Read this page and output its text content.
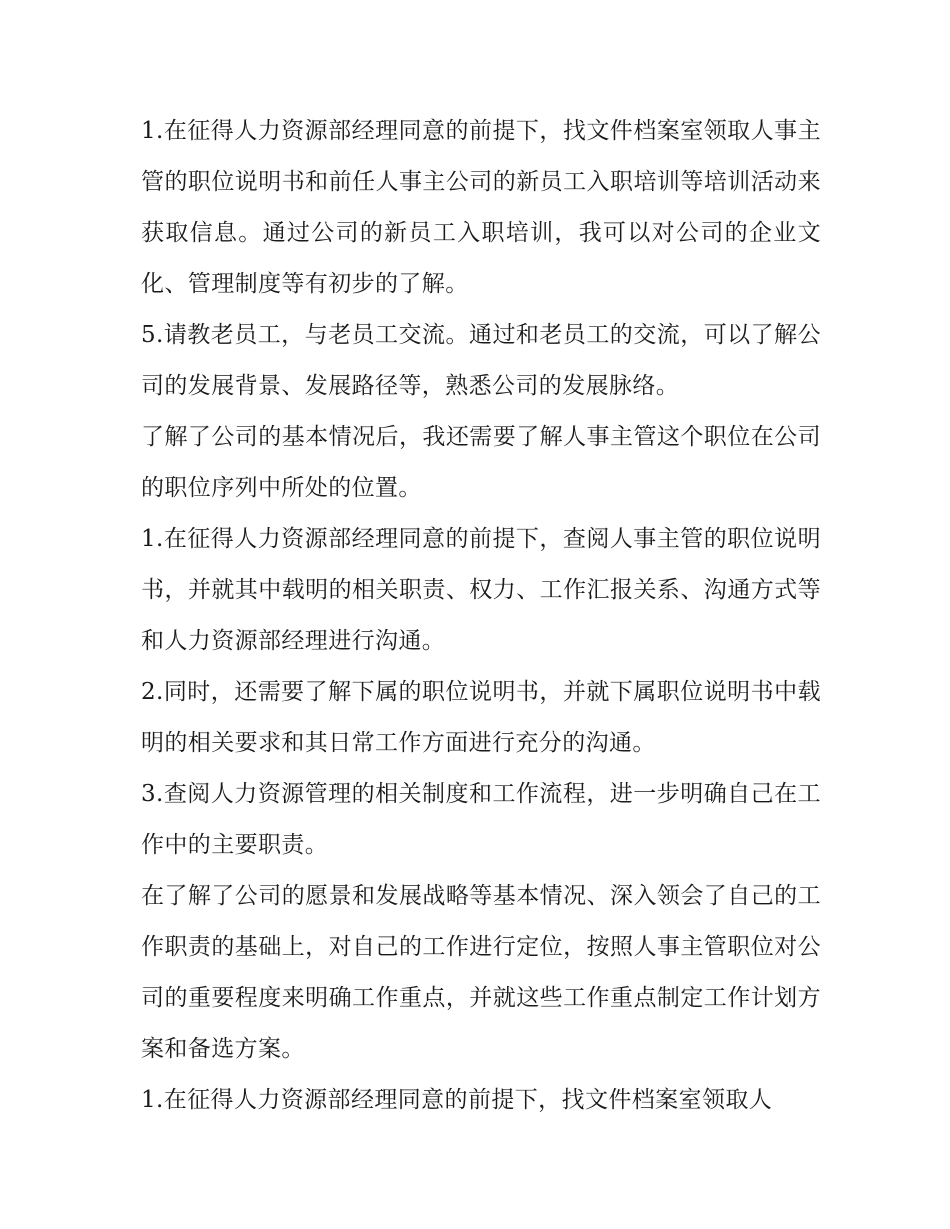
1.在征得人力资源部经理同意的前提下，找文件档案室领取人事主管的职位说明书和前任人事主公司的新员工入职培训等培训活动来获取信息。通过公司的新员工入职培训，我可以对公司的企业文化、管理制度等有初步的了解。

5.请教老员工，与老员工交流。通过和老员工的交流，可以了解公司的发展背景、发展路径等，熟悉公司的发展脉络。

了解了公司的基本情况后，我还需要了解人事主管这个职位在公司的职位序列中所处的位置。

1.在征得人力资源部经理同意的前提下，查阅人事主管的职位说明书，并就其中载明的相关职责、权力、工作汇报关系、沟通方式等和人力资源部经理进行沟通。

2.同时，还需要了解下属的职位说明书，并就下属职位说明书中载明的相关要求和其日常工作方面进行充分的沟通。

3.查阅人力资源管理的相关制度和工作流程，进一步明确自己在工作中的主要职责。

在了解了公司的愿景和发展战略等基本情况、深入领会了自己的工作职责的基础上，对自己的工作进行定位，按照人事主管职位对公司的重要程度来明确工作重点，并就这些工作重点制定工作计划方案和备选方案。

1.在征得人力资源部经理同意的前提下，找文件档案室领取人
